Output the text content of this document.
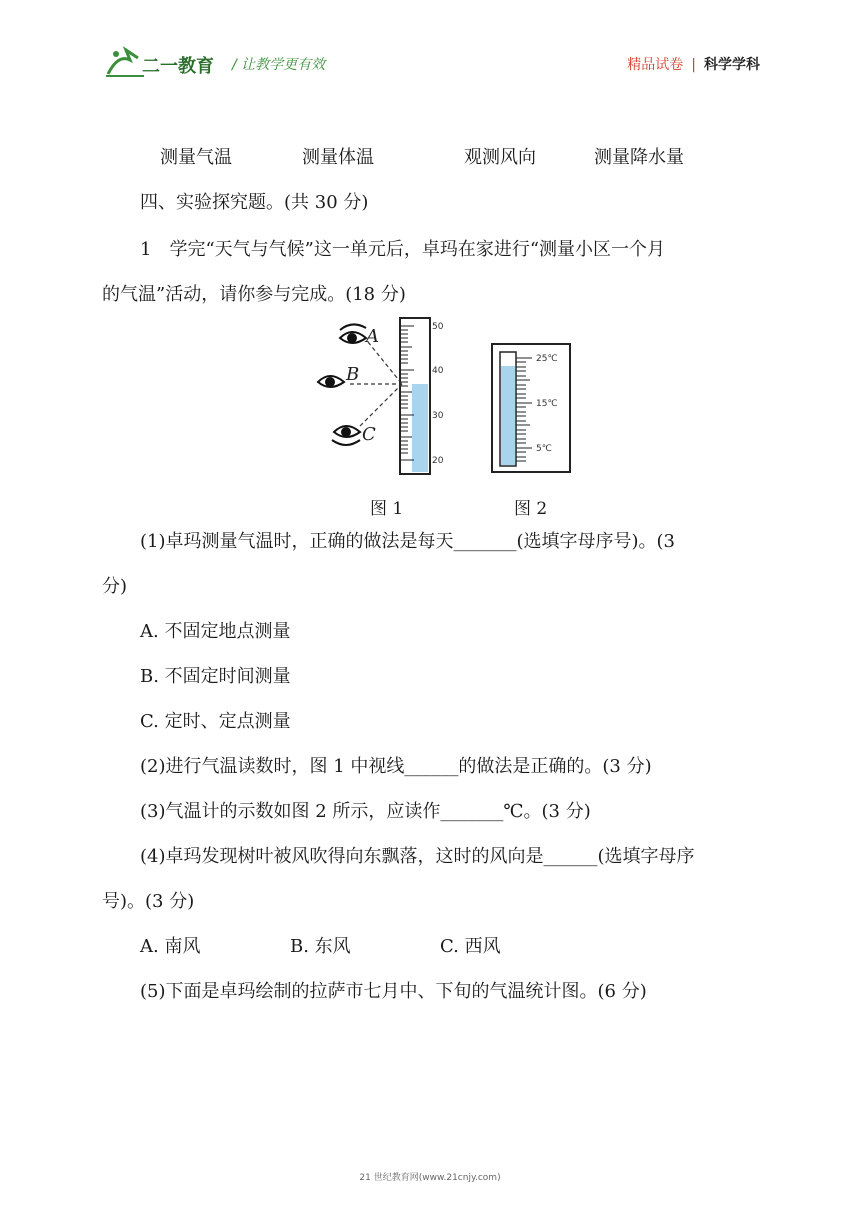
二一教育 / 让教学更有效	精品试卷 | 科学学科
测量气温	测量体温	观测风向	测量降水量
四、实验探究题。(共 30 分)
1　学完“天气与气候”这一单元后，卓玛在家进行“测量小区一个月
的气温”活动，请你参与完成。(18 分)
50
40
30
20
A
B
C
图 1
25℃
15℃
5℃
图 2
(1)卓玛测量气温时，正确的做法是每天_______(选填字母序号)。(3
分)
A. 不固定地点测量
B. 不固定时间测量
C. 定时、定点测量
(2)进行气温读数时，图 1 中视线______的做法是正确的。(3 分)
(3)气温计的示数如图 2 所示，应读作_______℃。(3 分)
(4)卓玛发现树叶被风吹得向东飘落，这时的风向是______(选填字母序
号)。(3 分)
A. 南风	B. 东风	C. 西风
(5)下面是卓玛绘制的拉萨市七月中、下旬的气温统计图。(6 分)
21 世纪教育网(www.21cnjy.com)
